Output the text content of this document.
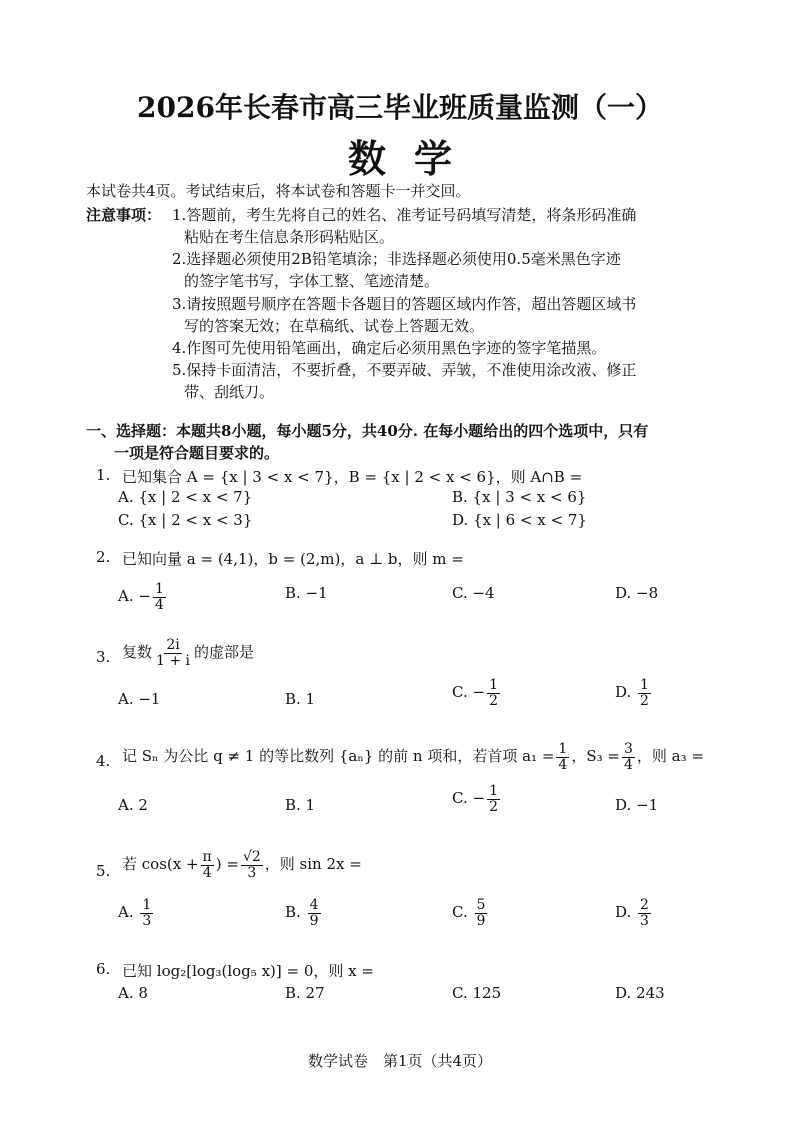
2026年长春市高三毕业班质量监测（一）
数学
本试卷共4页。考试结束后，将本试卷和答题卡一并交回。
注意事项： 1.答题前，考生先将自己的姓名、准考证号码填写清楚，将条形码准确
粘贴在考生信息条形码粘贴区。
2.选择题必须使用2B铅笔填涂；非选择题必须使用0.5毫米黑色字迹
的签字笔书写，字体工整、笔迹清楚。
3.请按照题号顺序在答题卡各题目的答题区域内作答，超出答题区域书
写的答案无效；在草稿纸、试卷上答题无效。
4.作图可先使用铅笔画出，确定后必须用黑色字迹的签字笔描黑。
5.保持卡面清洁，不要折叠，不要弄破、弄皱，不准使用涂改液、修正
带、刮纸刀。
一、选择题：本题共8小题，每小题5分，共40分. 在每小题给出的四个选项中，只有
一项是符合题目要求的。
1. 已知集合 A = {x | 3 < x < 7}，B = {x | 2 < x < 6}，则 A∩B =
A. {x | 2 < x < 7}	B. {x | 3 < x < 6}
C. {x | 2 < x < 3}	D. {x | 6 < x < 7}
2. 已知向量 a = (4,1)，b = (2,m)，a ⊥ b，则 m =
A. − $\frac{1}{4}$	B. −1	C. −4	D. −8
3. 复数 $\frac{2i}{1 + i}$ 的虚部是
A. −1	B. 1	C. − $\frac{1}{2}$	D. $\frac{1}{2}$
4. 记 Sₙ 为公比 q ≠ 1 的等比数列 {aₙ} 的前 n 项和，若首项 $a_1 = \frac{1}{4}$ ，$S_3 = \frac{3}{4}$ ，则 a₃ =
A. 2	B. 1	C. − $\frac{1}{2}$	D. −1
5. 若 $\cos(x + \frac{\pi}{4}$ ) = $\frac{√2}{3}$ ，则 sin 2x =
A. $\frac{1}{3}$	B. $\frac{4}{9}$	C. $\frac{5}{9}$	D. $\frac{2}{3}$
6. 已知 log₂[log₃(log₅ x)] = 0，则 x =
A. 8	B. 27	C. 125	D. 243
数学试卷　第1页（共4页）
